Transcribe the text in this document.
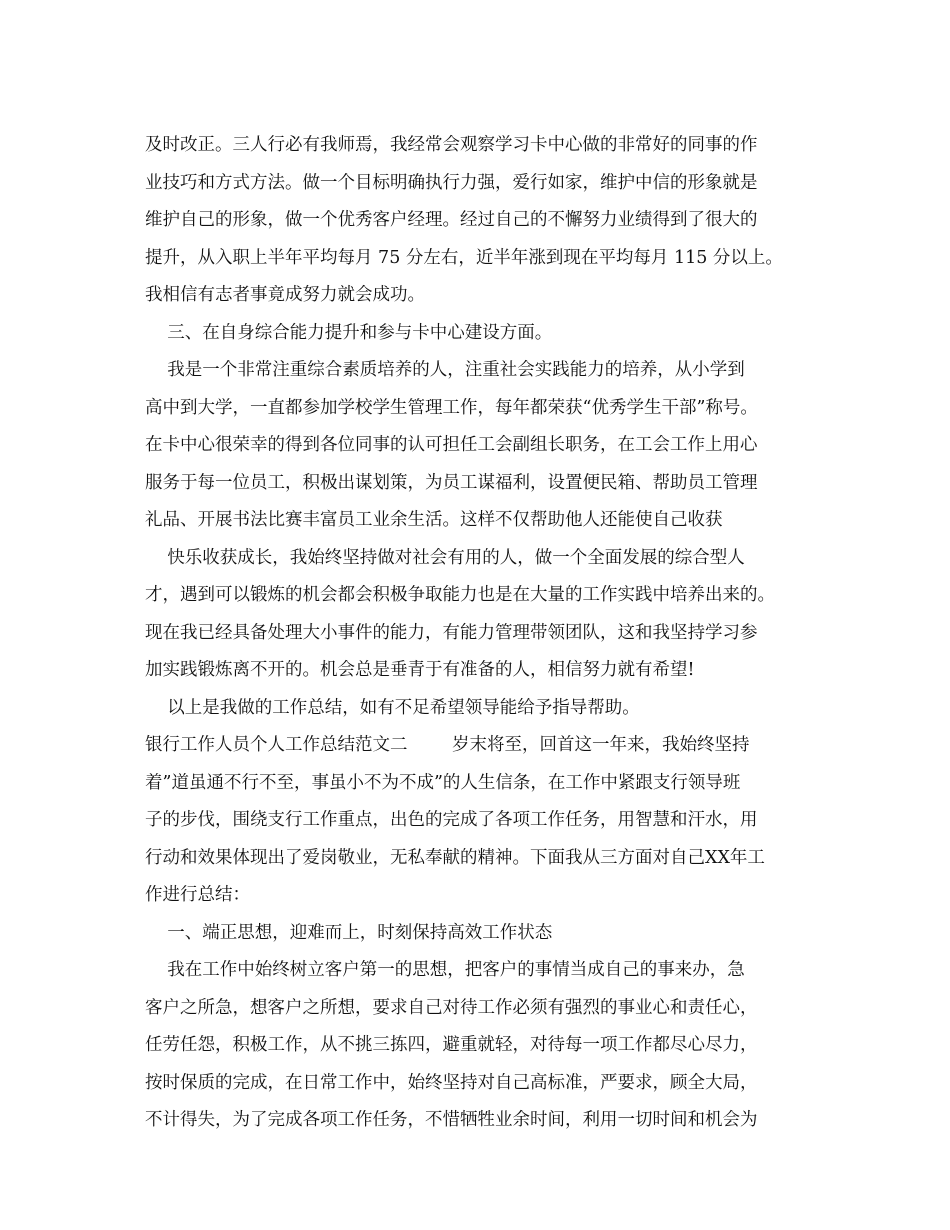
及时改正。三人行必有我师焉，我经常会观察学习卡中心做的非常好的同事的作
业技巧和方式方法。做一个目标明确执行力强，爱行如家，维护中信的形象就是
维护自己的形象，做一个优秀客户经理。经过自己的不懈努力业绩得到了很大的
提升，从入职上半年平均每月 75 分左右，近半年涨到现在平均每月 115 分以上。
我相信有志者事竟成努力就会成功。
三、在自身综合能力提升和参与卡中心建设方面。
我是一个非常注重综合素质培养的人，注重社会实践能力的培养，从小学到
高中到大学，一直都参加学校学生管理工作，每年都荣获“优秀学生干部”称号。
在卡中心很荣幸的得到各位同事的认可担任工会副组长职务，在工会工作上用心
服务于每一位员工，积极出谋划策，为员工谋福利，设置便民箱、帮助员工管理
礼品、开展书法比赛丰富员工业余生活。这样不仅帮助他人还能使自己收获
快乐收获成长，我始终坚持做对社会有用的人，做一个全面发展的综合型人
才，遇到可以锻炼的机会都会积极争取能力也是在大量的工作实践中培养出来的。
现在我已经具备处理大小事件的能力，有能力管理带领团队，这和我坚持学习参
加实践锻炼离不开的。机会总是垂青于有准备的人，相信努力就有希望!
以上是我做的工作总结，如有不足希望领导能给予指导帮助。
银行工作人员个人工作总结范文二        岁末将至，回首这一年来，我始终坚持
着”道虽通不行不至，事虽小不为不成”的人生信条，在工作中紧跟支行领导班
子的步伐，围绕支行工作重点，出色的完成了各项工作任务，用智慧和汗水，用
行动和效果体现出了爱岗敬业，无私奉献的精神。下面我从三方面对自己XX年工
作进行总结：
一、端正思想，迎难而上，时刻保持高效工作状态
我在工作中始终树立客户第一的思想，把客户的事情当成自己的事来办，急
客户之所急，想客户之所想，要求自己对待工作必须有强烈的事业心和责任心，
任劳任怨，积极工作，从不挑三拣四，避重就轻，对待每一项工作都尽心尽力，
按时保质的完成，在日常工作中，始终坚持对自己高标准，严要求，顾全大局，
不计得失，为了完成各项工作任务，不惜牺牲业余时间，利用一切时间和机会为
